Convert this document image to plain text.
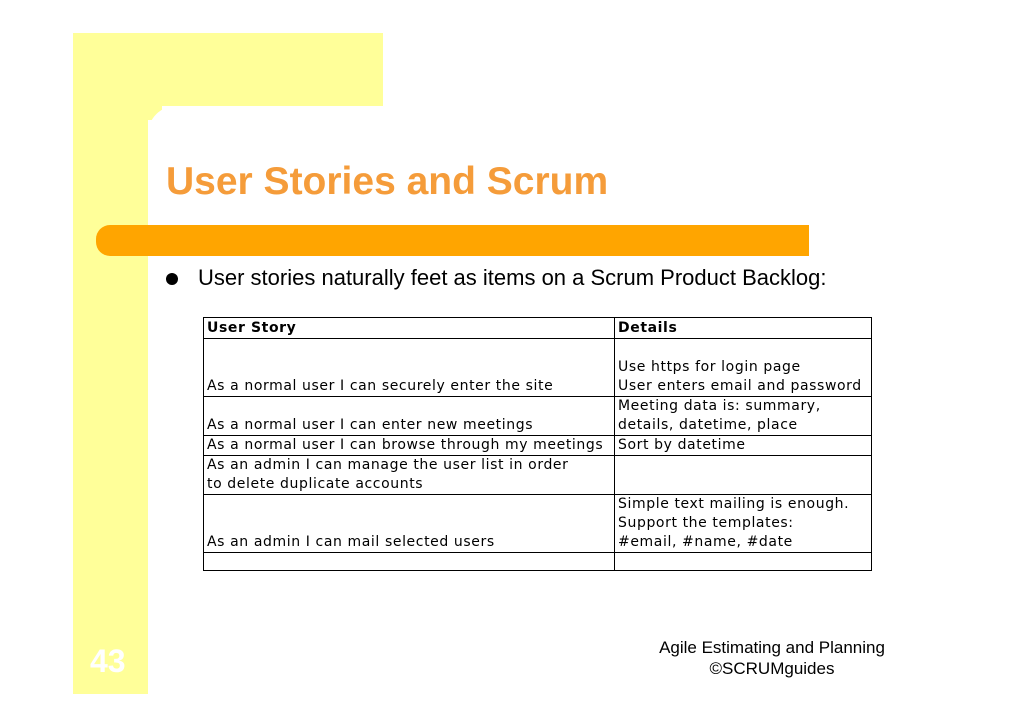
User Stories and Scrum
User stories naturally feet as items on a Scrum Product Backlog:
User Story	Details
As a normal user I can securely enter the site	Use https for login page
User enters email and password
As a normal user I can enter new meetings	Meeting data is: summary,
details, datetime, place
As a normal user I can browse through my meetings	Sort by datetime
As an admin I can manage the user list in order
to delete duplicate accounts	
As an admin I can mail selected users	Simple text mailing is enough.
Support the templates:
#email, #name, #date

43	Agile Estimating and Planning
©SCRUMguides
